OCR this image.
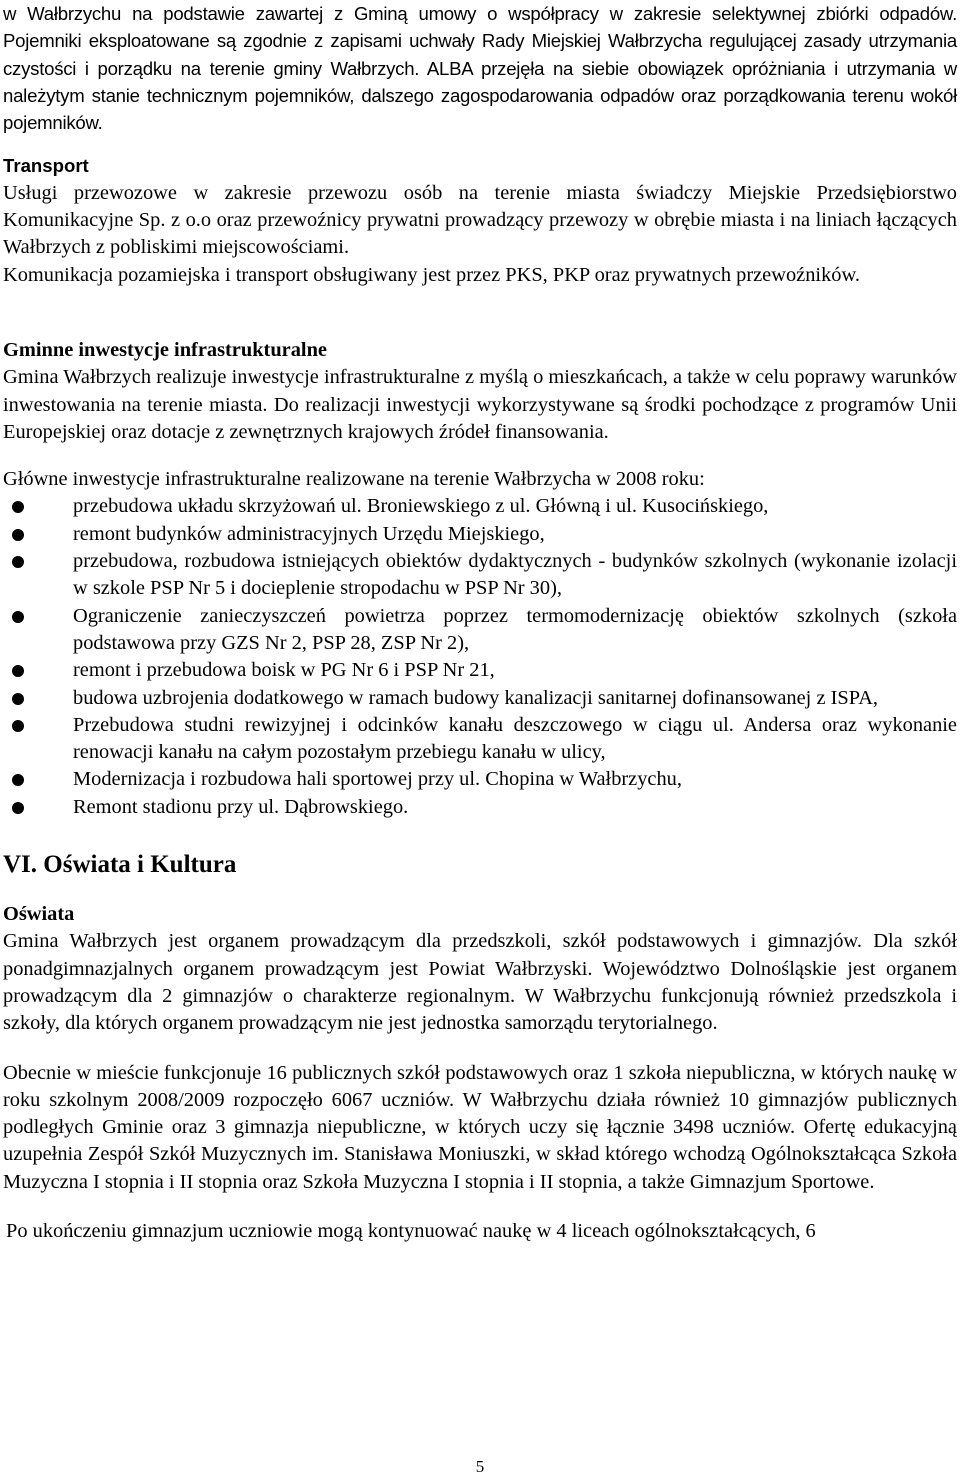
w Wałbrzychu na podstawie zawartej z Gminą umowy o współpracy w zakresie selektywnej zbiórki odpadów. Pojemniki eksploatowane są zgodnie z zapisami uchwały Rady Miejskiej Wałbrzycha regulującej zasady utrzymania czystości i porządku na terenie gminy Wałbrzych. ALBA przejęła na siebie obowiązek opróżniania i utrzymania w należytym stanie technicznym pojemników, dalszego zagospodarowania odpadów oraz porządkowania terenu wokół pojemników.

Transport

Usługi przewozowe w zakresie przewozu osób na terenie miasta świadczy Miejskie Przedsiębiorstwo Komunikacyjne Sp. z o.o oraz przewoźnicy prywatni prowadzący przewozy w obrębie miasta i na liniach łączących Wałbrzych z pobliskimi miejscowościami.

Komunikacja pozamiejska i transport obsługiwany jest przez PKS, PKP oraz prywatnych przewoźników.

Gminne inwestycje infrastrukturalne

Gmina Wałbrzych realizuje inwestycje infrastrukturalne z myślą o mieszkańcach, a także w celu poprawy warunków inwestowania na terenie miasta. Do realizacji inwestycji wykorzystywane są środki pochodzące z programów Unii Europejskiej oraz dotacje z zewnętrznych krajowych źródeł finansowania.

Główne inwestycje infrastrukturalne realizowane na terenie Wałbrzycha w 2008 roku:

przebudowa układu skrzyżowań ul. Broniewskiego z ul. Główną i ul. Kusocińskiego,
remont budynków administracyjnych Urzędu Miejskiego,
przebudowa, rozbudowa istniejących obiektów dydaktycznych - budynków szkolnych (wykonanie izolacji w szkole PSP Nr 5 i docieplenie stropodachu w PSP Nr 30),
Ograniczenie zanieczyszczeń powietrza poprzez termomodernizację obiektów szkolnych (szkoła podstawowa przy GZS Nr 2, PSP 28, ZSP Nr 2),
remont i przebudowa boisk w PG Nr 6 i PSP Nr 21,
budowa uzbrojenia dodatkowego w ramach budowy kanalizacji sanitarnej dofinansowanej z ISPA,
Przebudowa studni rewizyjnej i odcinków kanału deszczowego w ciągu ul. Andersa oraz wykonanie renowacji kanału na całym pozostałym przebiegu kanału w ulicy,
Modernizacja i rozbudowa hali sportowej przy ul. Chopina w Wałbrzychu,
Remont stadionu przy ul. Dąbrowskiego.

VI. Oświata i Kultura

Oświata

Gmina Wałbrzych jest organem prowadzącym dla przedszkoli, szkół podstawowych i gimnazjów. Dla szkół ponadgimnazjalnych organem prowadzącym jest Powiat Wałbrzyski. Województwo Dolnośląskie jest organem prowadzącym dla 2 gimnazjów o charakterze regionalnym. W Wałbrzychu funkcjonują również przedszkola i szkoły, dla których organem prowadzącym nie jest jednostka samorządu terytorialnego.

Obecnie w mieście funkcjonuje 16 publicznych szkół podstawowych oraz 1 szkoła niepubliczna, w których naukę w roku szkolnym 2008/2009 rozpoczęło 6067 uczniów. W Wałbrzychu działa również 10 gimnazjów publicznych podległych Gminie oraz 3 gimnazja niepubliczne, w których uczy się łącznie 3498 uczniów. Ofertę edukacyjną uzupełnia Zespół Szkół Muzycznych im. Stanisława Moniuszki, w skład którego wchodzą Ogólnokształcąca Szkoła Muzyczna I stopnia i II stopnia oraz Szkoła Muzyczna I stopnia i II stopnia, a także Gimnazjum Sportowe.

Po ukończeniu gimnazjum uczniowie mogą kontynuować naukę w 4 liceach ogólnokształcących, 6

5
